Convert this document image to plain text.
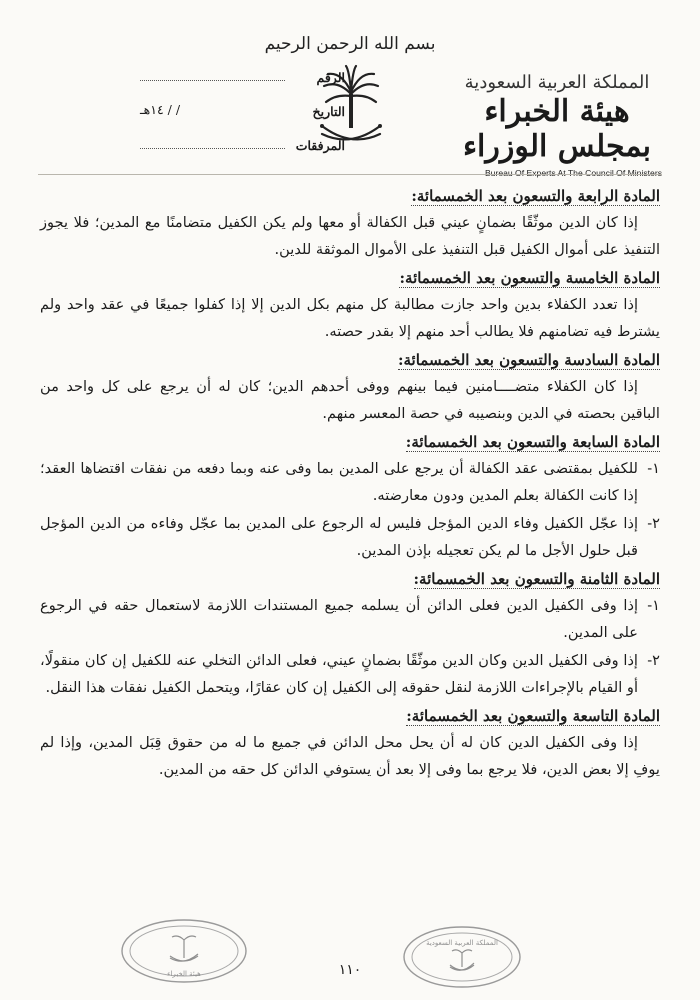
بسم الله الرحمن الرحيم
المملكة العربية السعودية
هيئة الخبراء بمجلس الوزراء
Bureau Of Experts At The Council Of Ministers
الرقم
التاريخ
/ / ١٤هـ
المرفقات

المادة الرابعة والتسعون بعد الخمسمائة:

إذا كان الدين موثّقًا بضمانٍ عيني قبل الكفالة أو معها ولم يكن الكفيل متضامنًا مع المدين؛ فلا يجوز التنفيذ على أموال الكفيل قبل التنفيذ على الأموال الموثقة للدين.

المادة الخامسة والتسعون بعد الخمسمائة:

إذا تعدد الكفلاء بدين واحد جازت مطالبة كل منهم بكل الدين إلا إذا كفلوا جميعًا في عقد واحد ولم يشترط فيه تضامنهم فلا يطالب أحد منهم إلا بقدر حصته.

المادة السادسة والتسعون بعد الخمسمائة:

إذا كان الكفلاء متضــــامنين فيما بينهم ووفى أحدهم الدين؛ كان له أن يرجع على كل واحد من الباقين بحصته في الدين وبنصيبه في حصة المعسر منهم.

المادة السابعة والتسعون بعد الخمسمائة:

١-للكفيل بمقتضى عقد الكفالة أن يرجع على المدين بما وفى عنه وبما دفعه من نفقات اقتضاها العقد؛ إذا كانت الكفالة بعلم المدين ودون معارضته.

٢-إذا عجّل الكفيل وفاء الدين المؤجل فليس له الرجوع على المدين بما عجّل وفاءه من الدين المؤجل قبل حلول الأجل ما لم يكن تعجيله بإذن المدين.

المادة الثامنة والتسعون بعد الخمسمائة:

١-إذا وفى الكفيل الدين فعلى الدائن أن يسلمه جميع المستندات اللازمة لاستعمال حقه في الرجوع على المدين.

٢-إذا وفى الكفيل الدين وكان الدين موثّقًا بضمانٍ عيني، فعلى الدائن التخلي عنه للكفيل إن كان منقولًا، أو القيام بالإجراءات اللازمة لنقل حقوقه إلى الكفيل إن كان عقارًا، ويتحمل الكفيل نفقات هذا النقل.

المادة التاسعة والتسعون بعد الخمسمائة:

إذا وفى الكفيل الدين كان له أن يحل محل الدائن في جميع ما له من حقوق قِبَل المدين، وإذا لم يوفِ إلا بعض الدين، فلا يرجع بما وفى إلا بعد أن يستوفي الدائن كل حقه من المدين.

هيئة الخبراء	١١٠
المملكة العربية السعودية
